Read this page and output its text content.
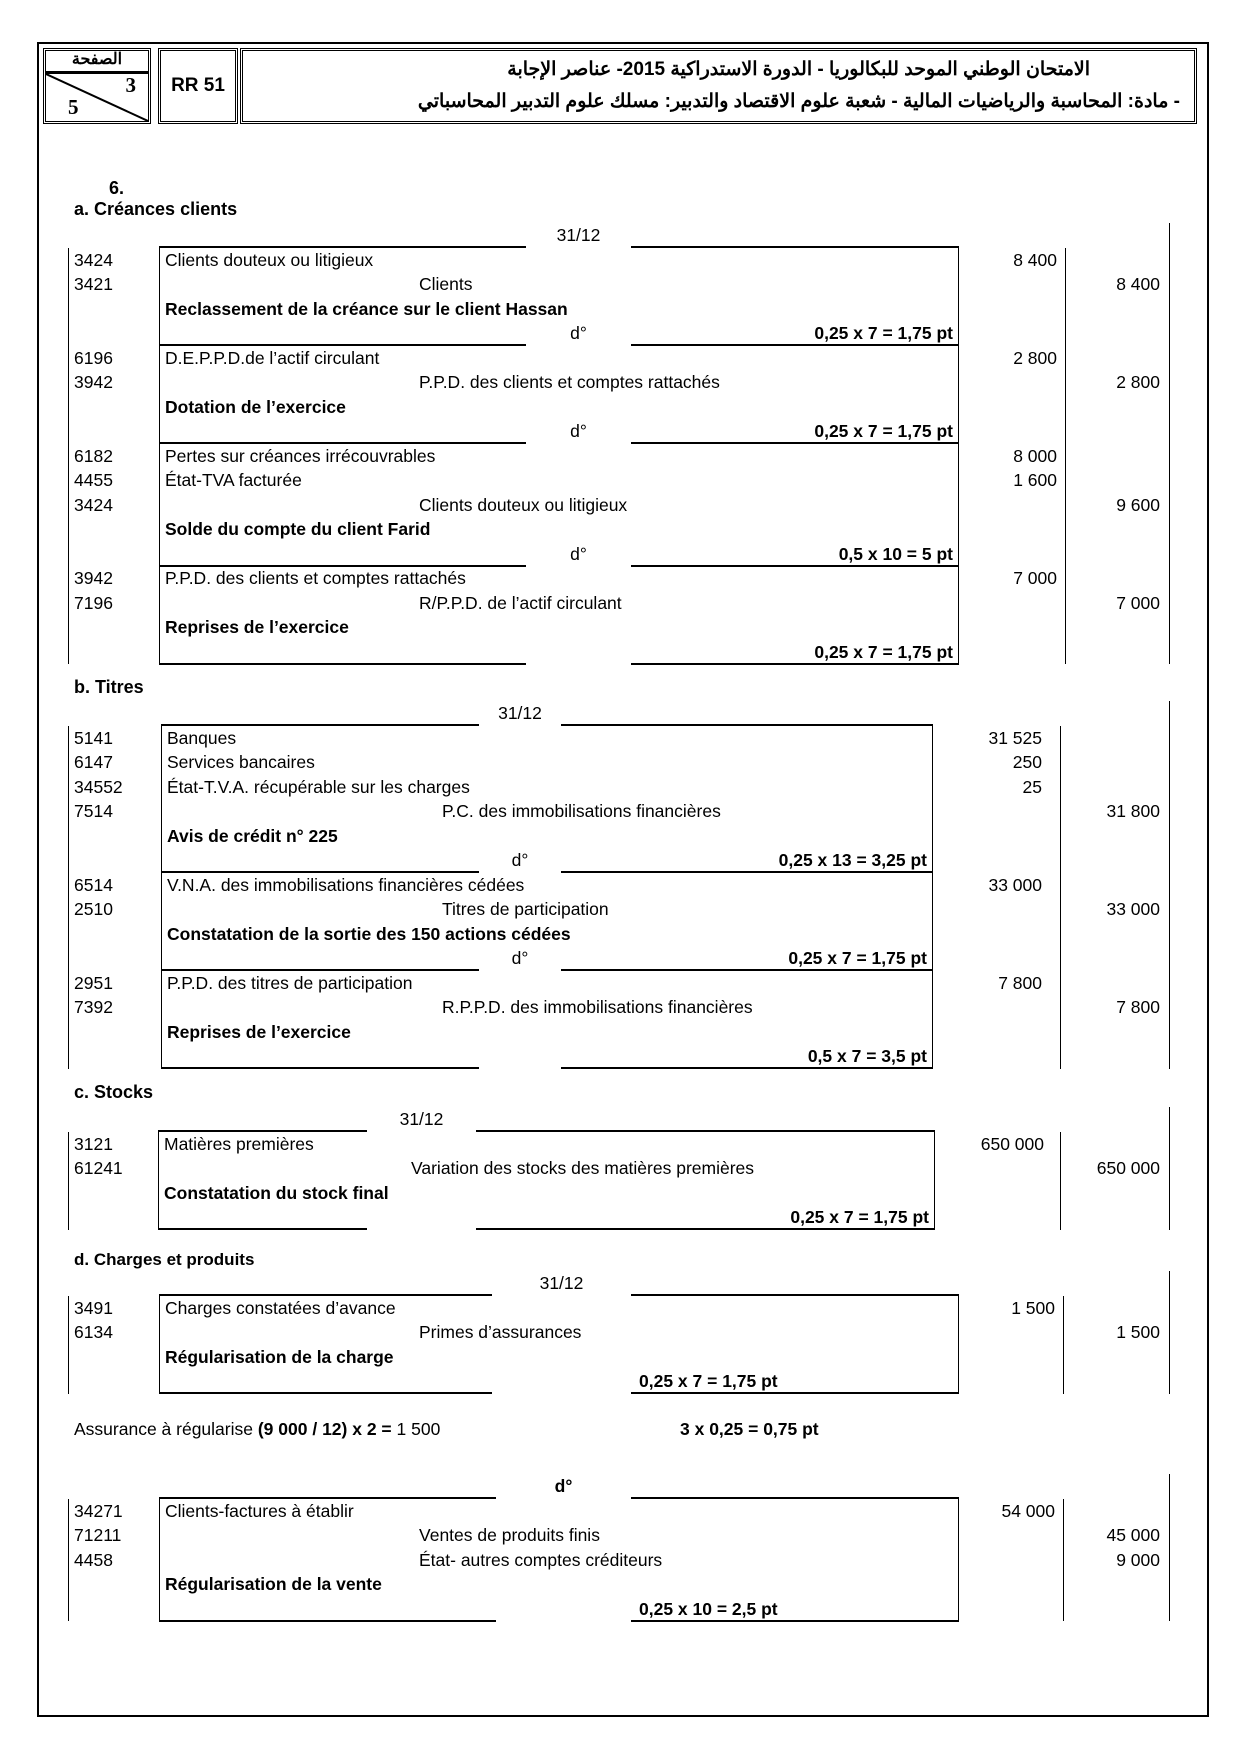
الصفحة
3
5
RR 51
الامتحان الوطني الموحد للبكالوريا - الدورة الاستدراكية 2015- عناصر الإجابة
- مادة: المحاسبة والرياضيات المالية - شعبة علوم الاقتصاد والتدبير: مسلك علوم التدبير المحاسباتي
6.
a. Créances clients
31/12
3424	Clients douteux ou litigieux	8 400
3421	Clients	8 400
Reclassement de la créance sur le client Hassan
0,25 x 7 = 1,75 pt
d°
6196	D.E.P.P.D.de l’actif circulant	2 800
3942	P.P.D. des clients et comptes rattachés	2 800
Dotation de l’exercice
0,25 x 7 = 1,75 pt
d°
6182	Pertes sur créances irrécouvrables	8 000
4455	État-TVA facturée	1 600
3424	Clients douteux ou litigieux	9 600
Solde du compte du client Farid
0,5 x 10 = 5 pt
d°
3942	P.P.D. des clients et comptes rattachés	7 000
7196	R/P.P.D. de l’actif circulant	7 000
Reprises de l’exercice
0,25 x 7 = 1,75 pt
b. Titres
31/12
5141	Banques	31 525
6147	Services bancaires	250
34552	État-T.V.A. récupérable sur les charges	25
7514	P.C. des immobilisations financières	31 800
Avis de crédit n° 225
0,25 x 13 = 3,25 pt
d°
6514	V.N.A. des immobilisations financières cédées	33 000
2510	Titres de participation	33 000
Constatation de la sortie des 150 actions cédées
0,25 x 7 = 1,75 pt
d°
2951	P.P.D. des titres de participation	7 800
7392	R.P.P.D. des immobilisations financières	7 800
Reprises de l’exercice
0,5 x 7 = 3,5 pt
c. Stocks
31/12
3121	Matières premières	650 000
61241	Variation des stocks des matières premières	650 000
Constatation du stock final
0,25 x 7 = 1,75 pt
d. Charges et produits
31/12
3491	Charges constatées d’avance	1 500
6134	Primes d’assurances	1 500
Régularisation de la charge
0,25 x 7 = 1,75 pt
Assurance à régularise (9 000 / 12) x 2 = 1 500	3 x 0,25 = 0,75 pt
d°
34271 Clients-factures à établir	54 000
71211	Ventes de produits finis	45 000
4458	État- autres comptes créditeurs	9 000
Régularisation de la vente
0,25 x 10 = 2,5 pt
